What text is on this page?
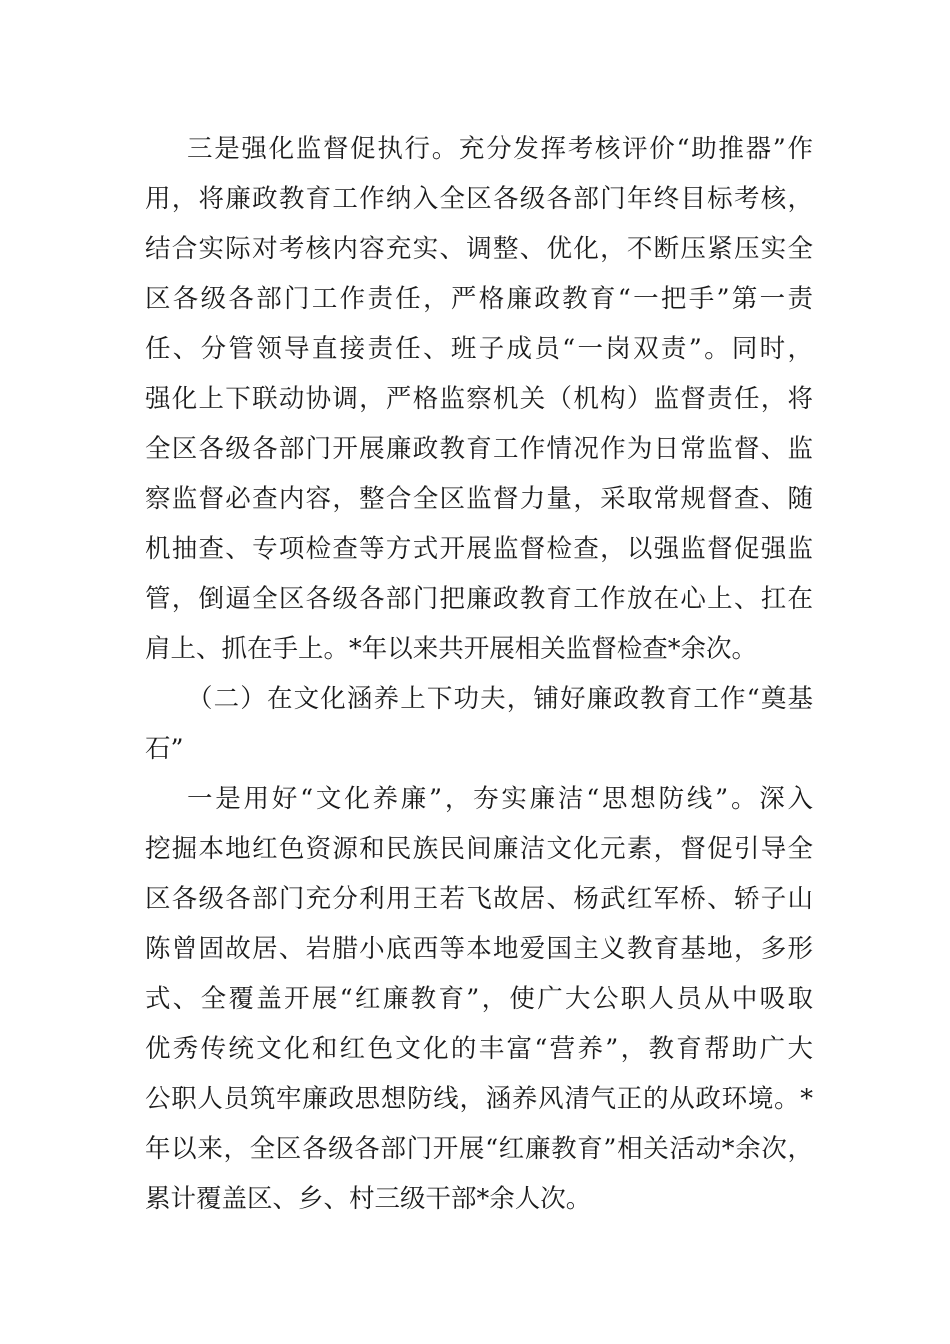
三是强化监督促执行。充分发挥考核评价“助推器”作
用，将廉政教育工作纳入全区各级各部门年终目标考核，
结合实际对考核内容充实、调整、优化，不断压紧压实全
区各级各部门工作责任，严格廉政教育“一把手”第一责
任、分管领导直接责任、班子成员“一岗双责”。同时，
强化上下联动协调，严格监察机关（机构）监督责任，将
全区各级各部门开展廉政教育工作情况作为日常监督、监
察监督必查内容，整合全区监督力量，采取常规督查、随
机抽查、专项检查等方式开展监督检查，以强监督促强监
管，倒逼全区各级各部门把廉政教育工作放在心上、扛在
肩上、抓在手上。*年以来共开展相关监督检查*余次。
（二）在文化涵养上下功夫，铺好廉政教育工作“奠基
石”
一是用好“文化养廉”，夯实廉洁“思想防线”。深入
挖掘本地红色资源和民族民间廉洁文化元素，督促引导全
区各级各部门充分利用王若飞故居、杨武红军桥、轿子山
陈曾固故居、岩腊小底西等本地爱国主义教育基地，多形
式、全覆盖开展“红廉教育”，使广大公职人员从中吸取
优秀传统文化和红色文化的丰富“营养”，教育帮助广大
公职人员筑牢廉政思想防线，涵养风清气正的从政环境。*
年以来，全区各级各部门开展“红廉教育”相关活动*余次，
累计覆盖区、乡、村三级干部*余人次。
